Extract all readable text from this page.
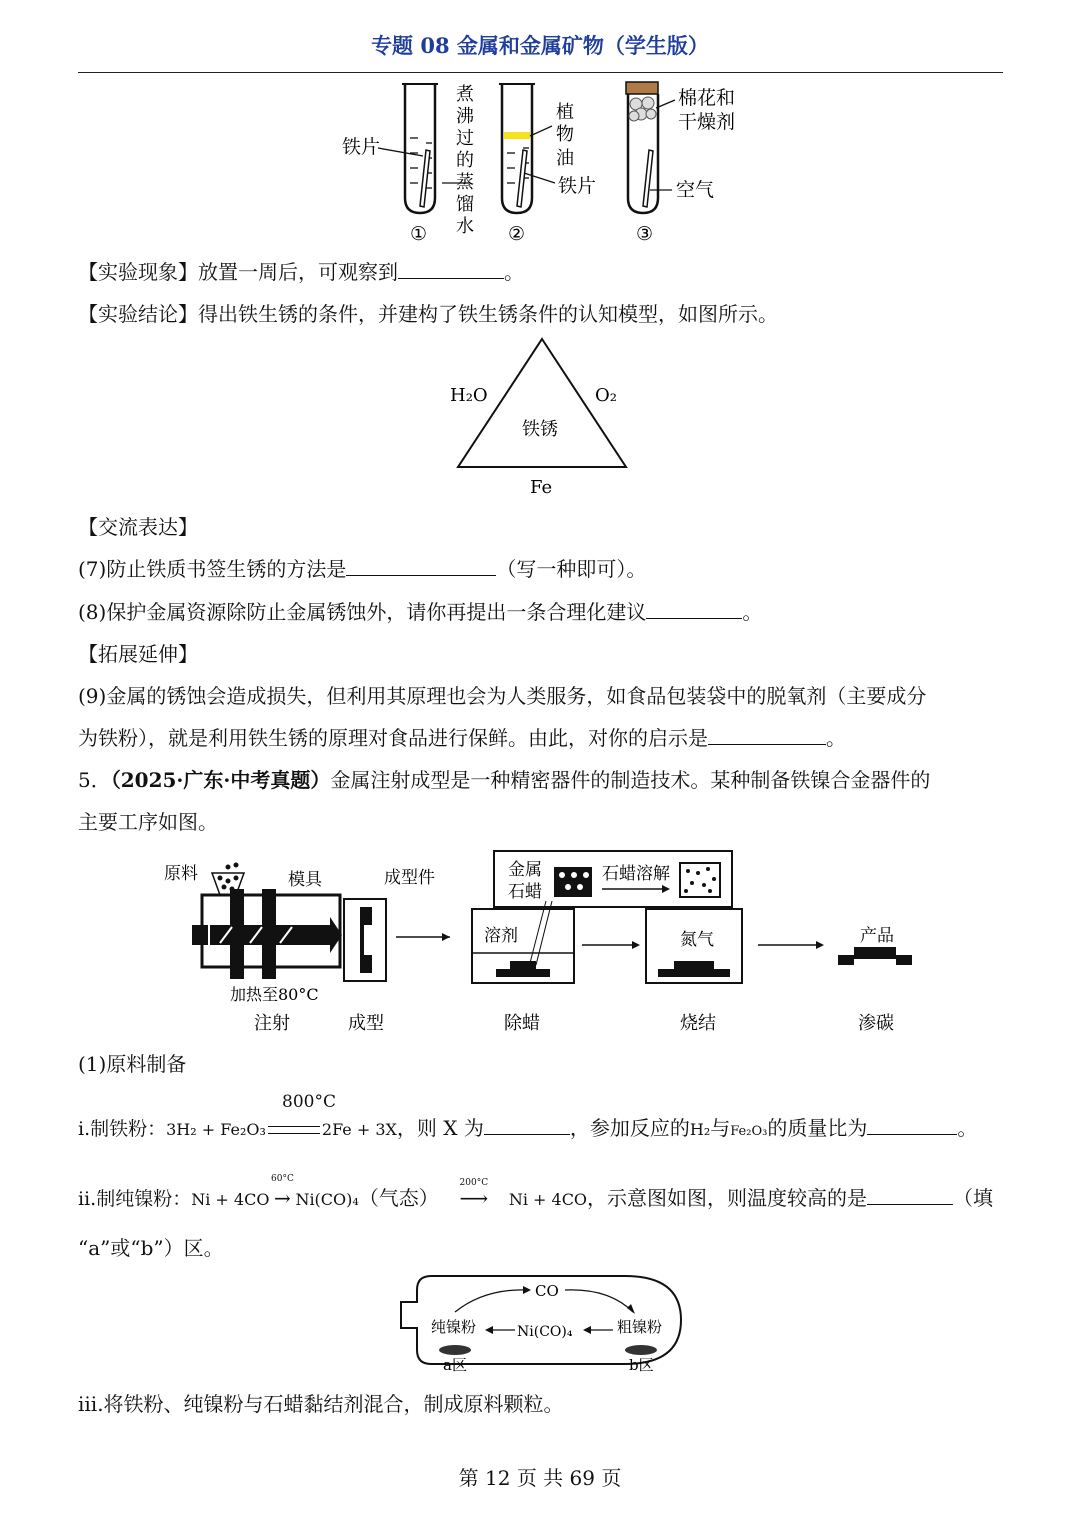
专题 08 金属和金属矿物（学生版）
铁片
煮
沸
过
的
蒸
馏
水
①
植
物
油
铁片
②
棉花和
干燥剂
空气
③
【实验现象】放置一周后，可观察到	。
【实验结论】得出铁生锈的条件，并建构了铁生锈条件的认知模型，如图所示。
H₂O	O₂
铁锈
Fe
【交流表达】
(7)防止铁质书签生锈的方法是	（写一种即可）。
(8)保护金属资源除防止金属锈蚀外，请你再提出一条合理化建议	。
【拓展延伸】
(9)金属的锈蚀会造成损失，但利用其原理也会为人类服务，如食品包装袋中的脱氧剂（主要成分
为铁粉），就是利用铁生锈的原理对食品进行保鲜。由此，对你的启示是	。
5．（2025·广东·中考真题）金属注射成型是一种精密器件的制造技术。某种制备铁镍合金器件的
主要工序如图。
原料	模具	成型件
加热至80°C
金属
石蜡
石蜡溶解
溶剂	氮气	产品
注射	成型	除蜡	烧结	渗碳
(1)原料制备
800°C
ⅰ.制铁粉：3H₂ + Fe₂O₃	2Fe + 3X，则 X 为	，参加反应的H₂与Fe₂O₃的质量比为	。
ⅱ.制纯镍粉：Ni + 4CO
60°C
→ Ni(CO)₄（气态）
200°C
⟶ Ni + 4CO，示意图如图，则温度较高的是	（填
“a”或“b”）区。
CO
纯镍粉	Ni(CO)₄	粗镍粉
a区	b区
ⅲ.将铁粉、纯镍粉与石蜡黏结剂混合，制成原料颗粒。
第 12 页 共 69 页
